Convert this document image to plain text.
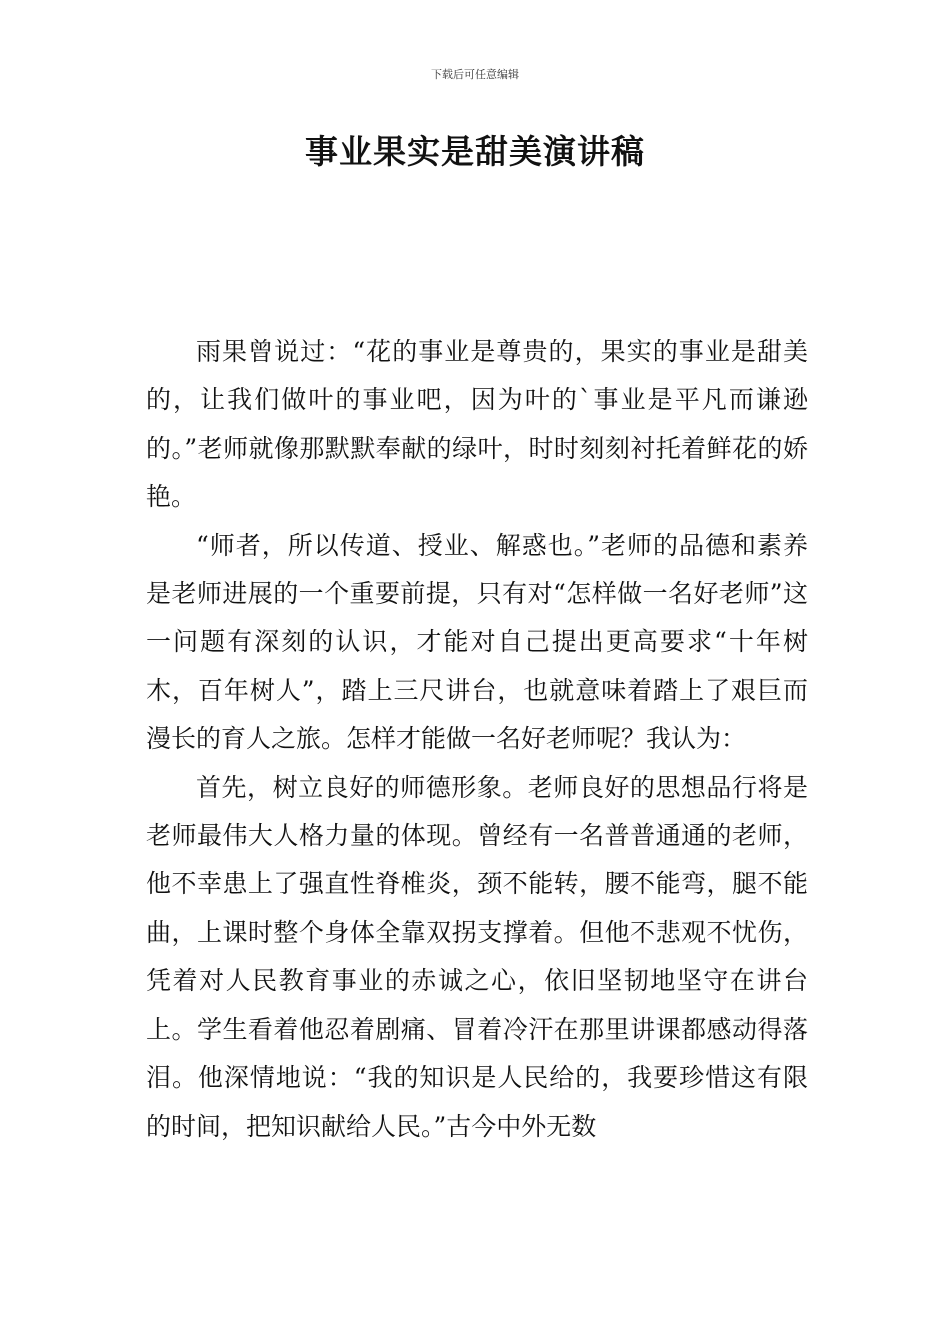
下载后可任意编辑
事业果实是甜美演讲稿

雨果曾说过：“花的事业是尊贵的，果实的事业是甜美的，让我们做叶的事业吧，因为叶的`事业是平凡而谦逊的。”老师就像那默默奉献的绿叶，时时刻刻衬托着鲜花的娇艳。

“师者，所以传道、授业、解惑也。”老师的品德和素养是老师进展的一个重要前提，只有对“怎样做一名好老师”这一问题有深刻的认识，才能对自己提出更高要求“十年树木，百年树人”，踏上三尺讲台，也就意味着踏上了艰巨而漫长的育人之旅。怎样才能做一名好老师呢？我认为：

首先，树立良好的师德形象。老师良好的思想品行将是老师最伟大人格力量的体现。曾经有一名普普通通的老师，他不幸患上了强直性脊椎炎，颈不能转，腰不能弯，腿不能曲，上课时整个身体全靠双拐支撑着。但他不悲观不忧伤，凭着对人民教育事业的赤诚之心，依旧坚韧地坚守在讲台上。学生看着他忍着剧痛、冒着冷汗在那里讲课都感动得落泪。他深情地说：“我的知识是人民给的，我要珍惜这有限的时间，把知识献给人民。”古今中外无数
